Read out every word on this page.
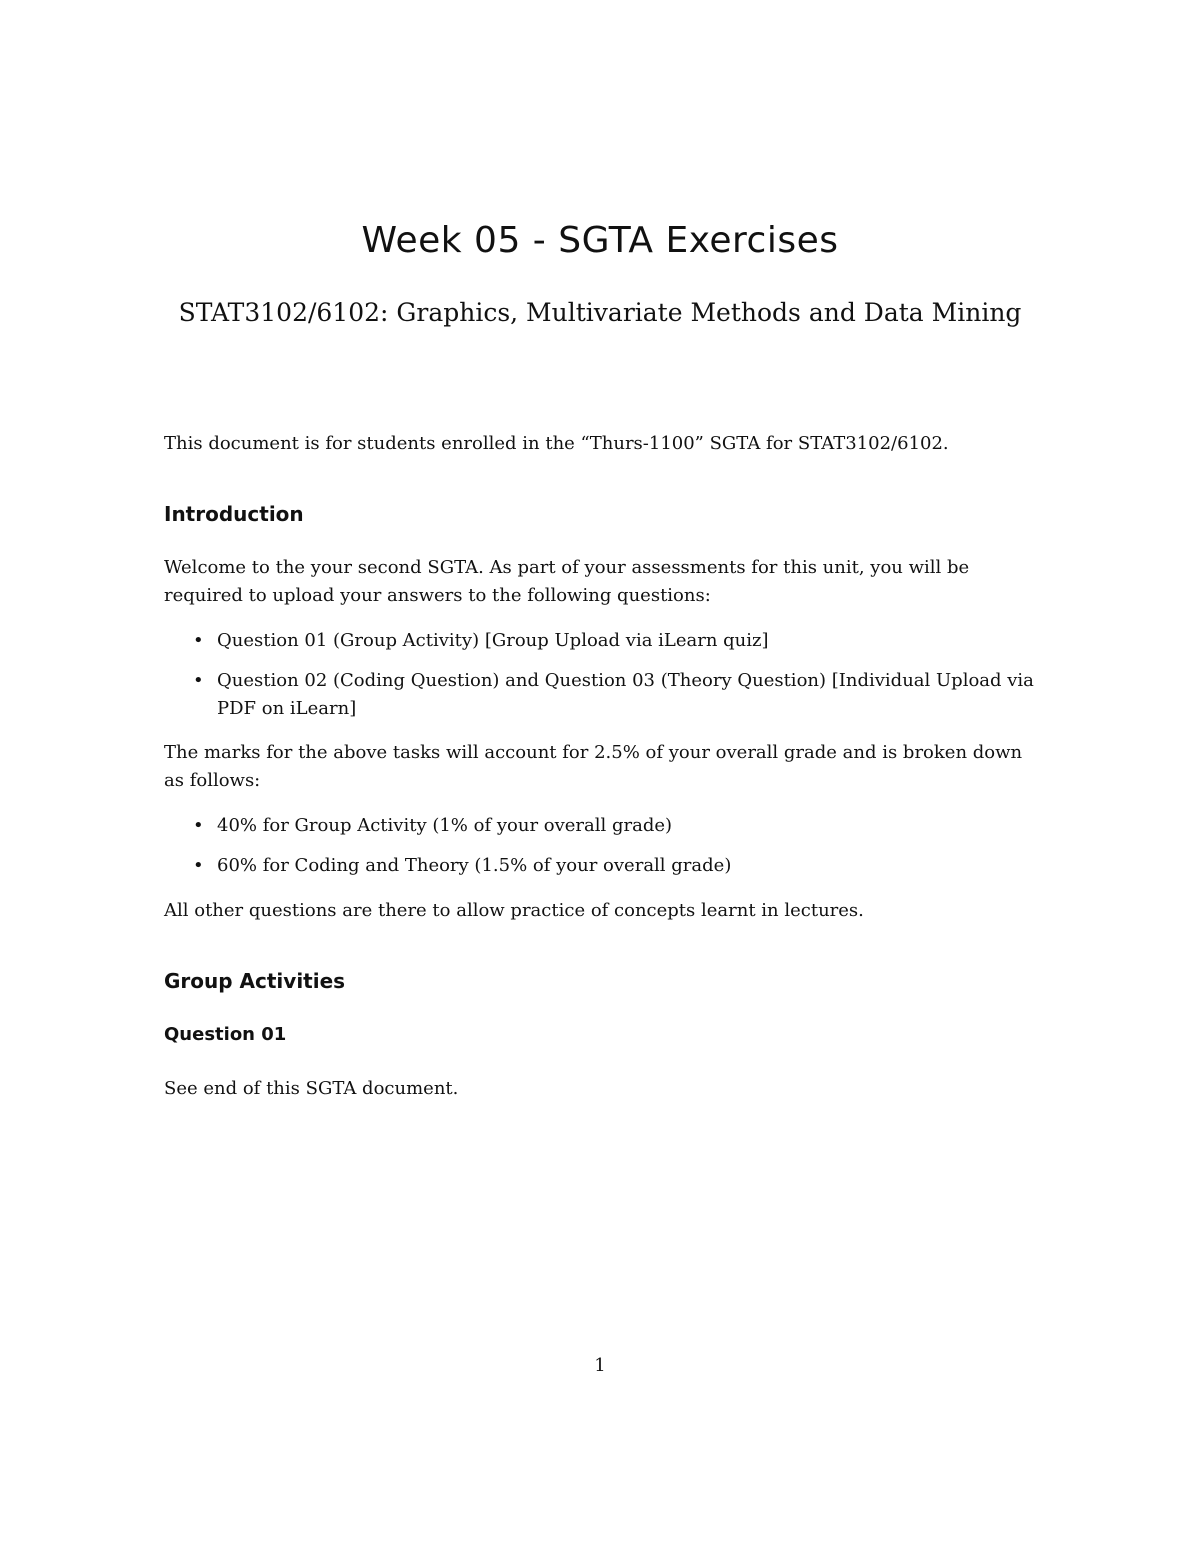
Week 05 - SGTA Exercises

STAT3102/6102: Graphics, Multivariate Methods and Data Mining

This document is for students enrolled in the “Thurs-1100” SGTA for STAT3102/6102.

Introduction

Welcome to the your second SGTA. As part of your assessments for this unit, you will be required to upload your answers to the following questions:

• Question 01 (Group Activity) [Group Upload via iLearn quiz]
• Question 02 (Coding Question) and Question 03 (Theory Question) [Individual Upload via PDF on iLearn]

The marks for the above tasks will account for 2.5% of your overall grade and is broken down as follows:

• 40% for Group Activity (1% of your overall grade)
• 60% for Coding and Theory (1.5% of your overall grade)

All other questions are there to allow practice of concepts learnt in lectures.

Group Activities
Question 01

See end of this SGTA document.

1
